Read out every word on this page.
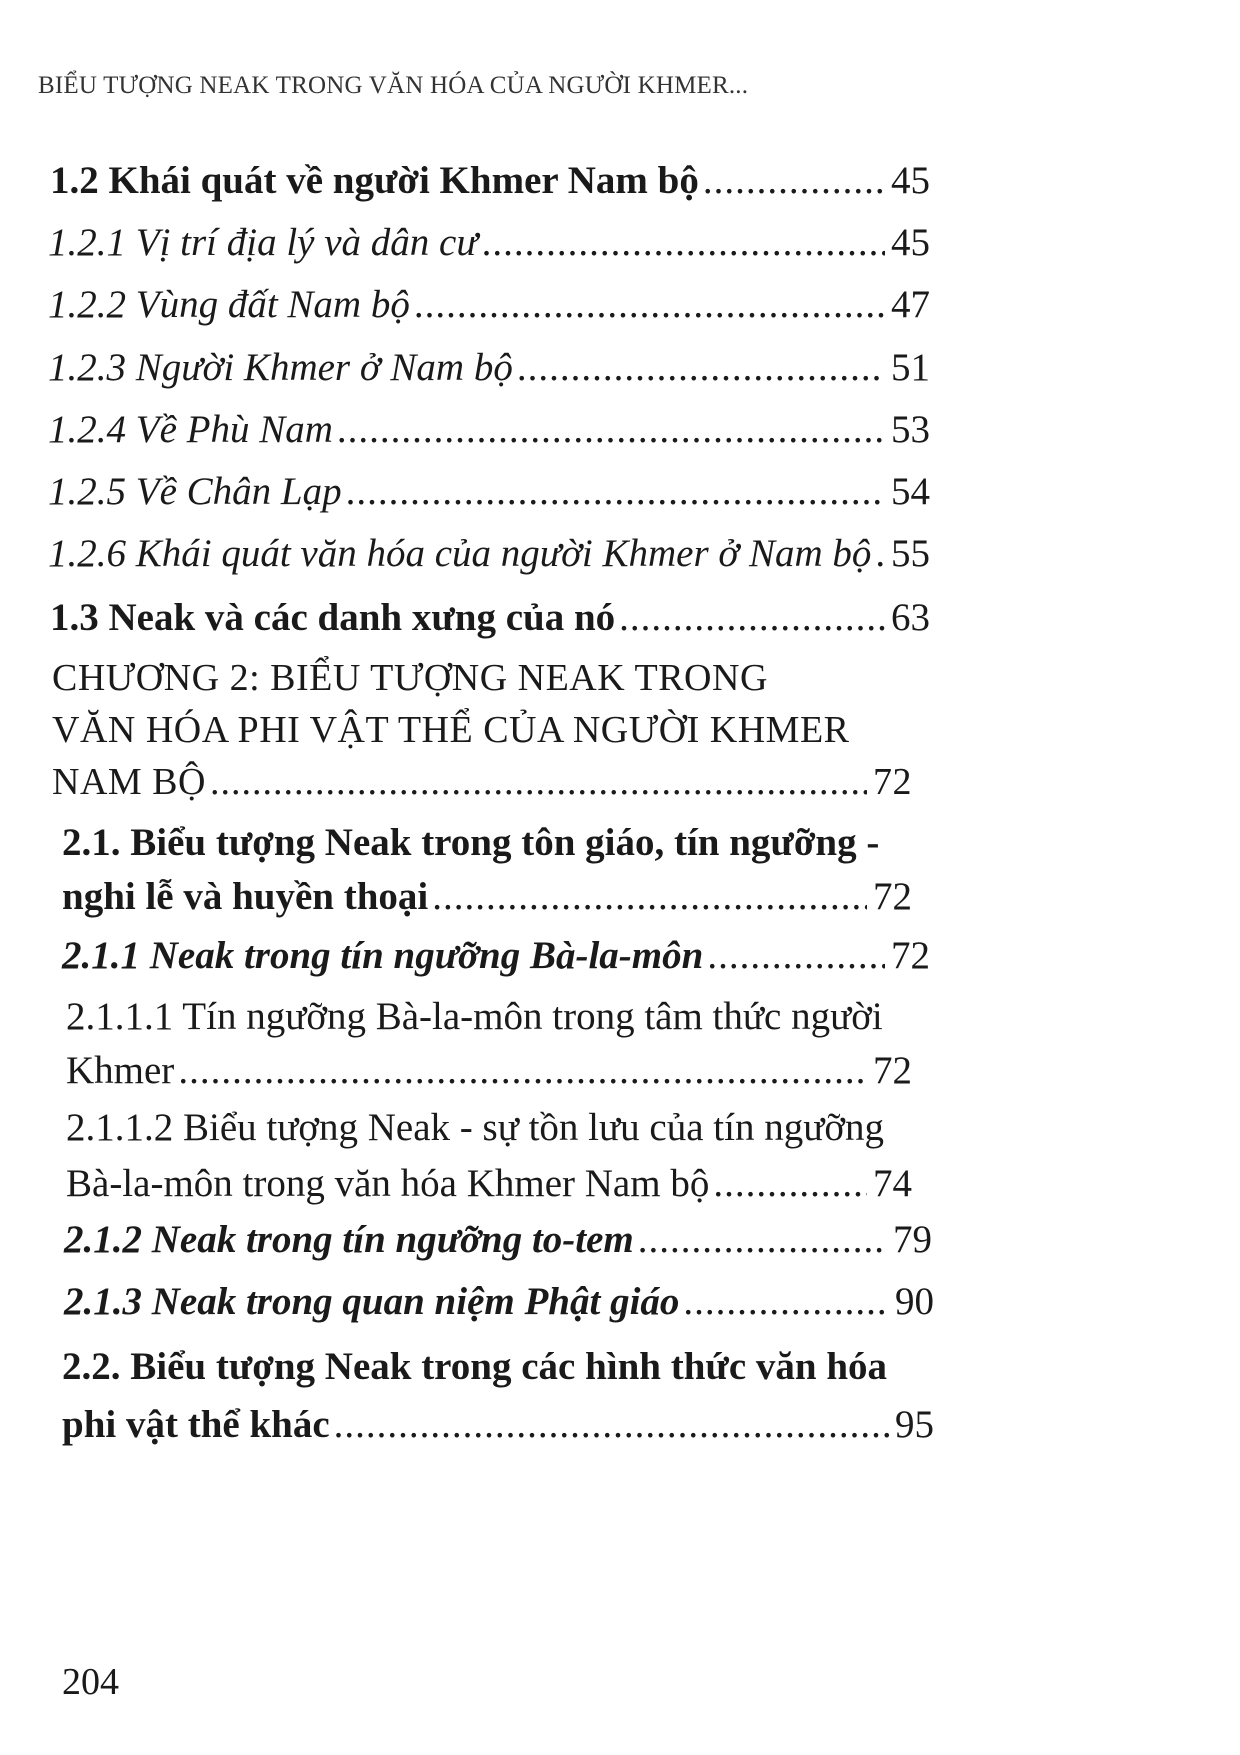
BIỂU TƯỢNG NEAK TRONG VĂN HÓA CỦA NGƯỜI KHMER...
1.2 Khái quát về người Khmer Nam bộ .....	45
1.2.1 Vị trí địa lý và dân cư .....	45
1.2.2 Vùng đất Nam bộ .....	47
1.2.3 Người Khmer ở Nam bộ .....	51
1.2.4 Về Phù Nam .....	53
1.2.5 Về Chân Lạp .....	54
1.2.6 Khái quát văn hóa của người Khmer ở Nam bộ ..... 55
1.3 Neak và các danh xưng của nó .....	63
CHƯƠNG 2: BIỂU TƯỢNG NEAK TRONG
VĂN HÓA PHI VẬT THỂ CỦA NGƯỜI KHMER
NAM BỘ .....	72
2.1. Biểu tượng Neak trong tôn giáo, tín ngưỡng -
nghi lễ và huyền thoại .....	72
2.1.1 Neak trong tín ngưỡng Bà-la-môn .....	72
2.1.1.1 Tín ngưỡng Bà-la-môn trong tâm thức người
Khmer .....	72
2.1.1.2 Biểu tượng Neak - sự tồn lưu của tín ngưỡng
Bà-la-môn trong văn hóa Khmer Nam bộ .....	74
2.1.2 Neak trong tín ngưỡng to-tem .....	79
2.1.3 Neak trong quan niệm Phật giáo .....	90
2.2. Biểu tượng Neak trong các hình thức văn hóa
phi vật thể khác .....	95
204
